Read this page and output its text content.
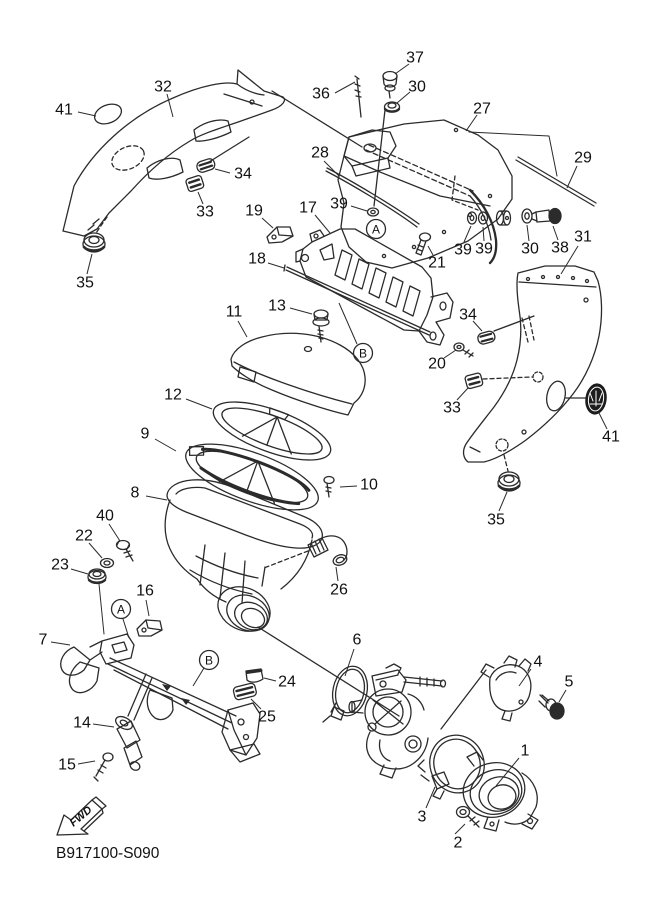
FWD
B917100-S090
32
41
36
37
30
27
28	29
34
33
35
19 17 39
21
18
13
11
39 39 30 38
31
34
20
33
41
35
12
9
10
8
26
40
22
23
16
7
24
25
14
15
6
4
5
1
3
2
A
B
A
B
